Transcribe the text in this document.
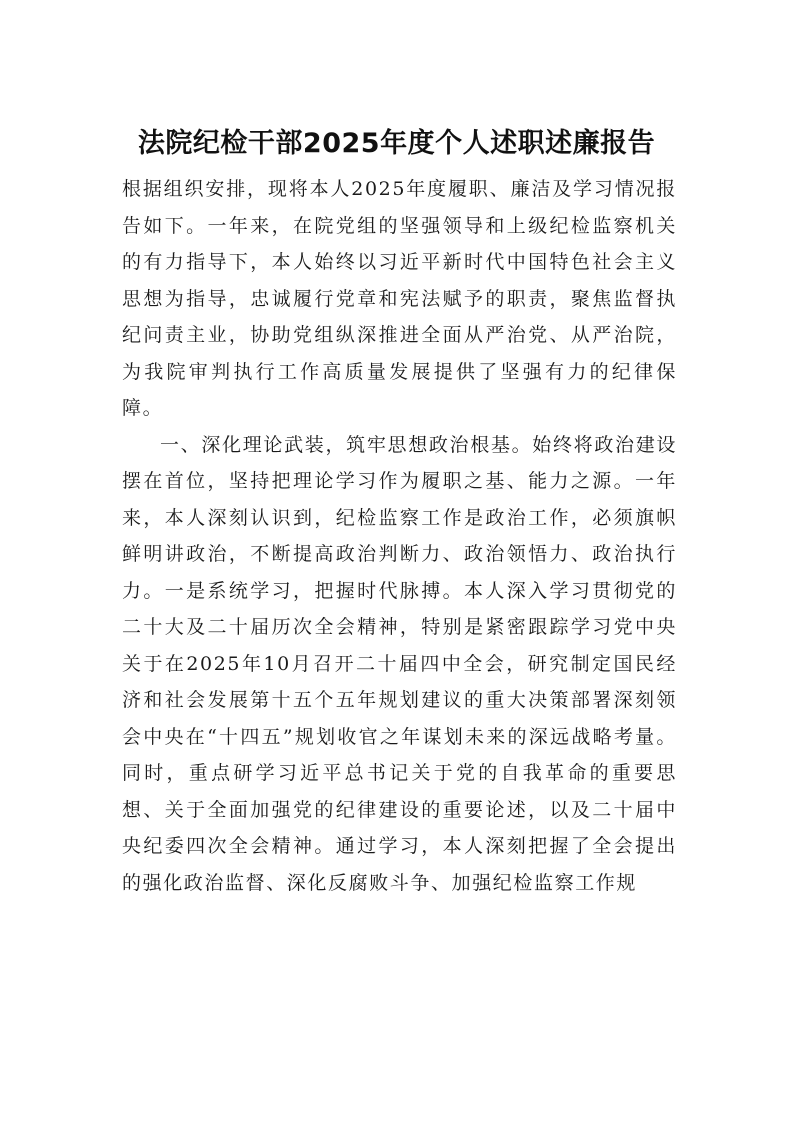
法院纪检干部2025年度个人述职述廉报告

根据组织安排，现将本人2025年度履职、廉洁及学习情况报告如下。一年来，在院党组的坚强领导和上级纪检监察机关的有力指导下，本人始终以习近平新时代中国特色社会主义思想为指导，忠诚履行党章和宪法赋予的职责，聚焦监督执纪问责主业，协助党组纵深推进全面从严治党、从严治院，为我院审判执行工作高质量发展提供了坚强有力的纪律保障。

一、深化理论武装，筑牢思想政治根基。始终将政治建设摆在首位，坚持把理论学习作为履职之基、能力之源。一年来，本人深刻认识到，纪检监察工作是政治工作，必须旗帜鲜明讲政治，不断提高政治判断力、政治领悟力、政治执行力。一是系统学习，把握时代脉搏。本人深入学习贯彻党的二十大及二十届历次全会精神，特别是紧密跟踪学习党中央关于在2025年10月召开二十届四中全会，研究制定国民经济和社会发展第十五个五年规划建议的重大决策部署深刻领会中央在“十四五”规划收官之年谋划未来的深远战略考量。同时，重点研学习近平总书记关于党的自我革命的重要思想、关于全面加强党的纪律建设的重要论述，以及二十届中央纪委四次全会精神。通过学习，本人深刻把握了全会提出的强化政治监督、深化反腐败斗争、加强纪检监察工作规
